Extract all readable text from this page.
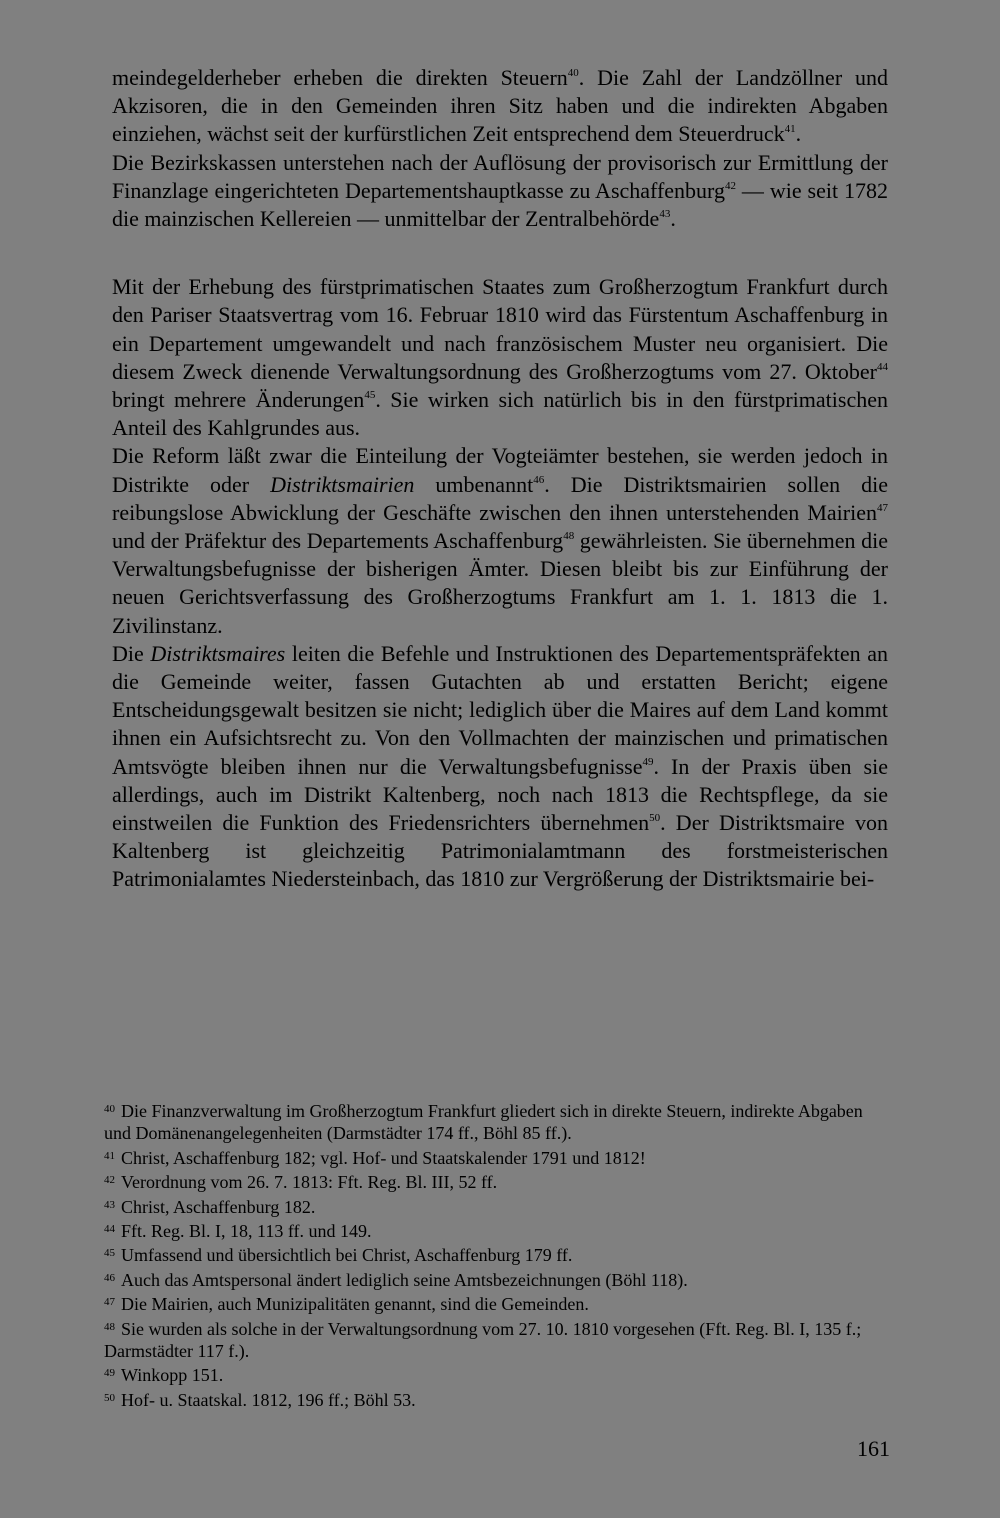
meindegelderheber erheben die direkten Steuern$^{40}$. Die Zahl der Landzöllner und Akzisoren, die in den Gemeinden ihren Sitz haben und die indirekten Abgaben einziehen, wächst seit der kurfürstlichen Zeit entsprechend dem Steuerdruck$^{41}$.

Die Bezirkskassen unterstehen nach der Auflösung der provisorisch zur Ermittlung der Finanzlage eingerichteten Departementshauptkasse zu Aschaffenburg$^{42}$ — wie seit 1782 die mainzischen Kellereien — unmittelbar der Zentralbehörde$^{43}$.

Mit der Erhebung des fürstprimatischen Staates zum Großherzogtum Frankfurt durch den Pariser Staatsvertrag vom 16. Februar 1810 wird das Fürstentum Aschaffenburg in ein Departement umgewandelt und nach französischem Muster neu organisiert. Die diesem Zweck dienende Verwaltungsordnung des Großherzogtums vom 27. Oktober$^{44}$ bringt mehrere Änderungen$^{45}$. Sie wirken sich natürlich bis in den fürstprimatischen Anteil des Kahlgrundes aus.

Die Reform läßt zwar die Einteilung der Vogteiämter bestehen, sie werden jedoch in Distrikte oder Distriktsmairien umbenannt$^{46}$. Die Distriktsmairien sollen die reibungslose Abwicklung der Geschäfte zwischen den ihnen unterstehenden Mairien$^{47}$ und der Präfektur des Departements Aschaffenburg$^{48}$ gewährleisten. Sie übernehmen die Verwaltungsbefugnisse der bisherigen Ämter. Diesen bleibt bis zur Einführung der neuen Gerichtsverfassung des Großherzogtums Frankfurt am 1. 1. 1813 die 1. Zivilinstanz.

Die Distriktsmaires leiten die Befehle und Instruktionen des Departementspräfekten an die Gemeinde weiter, fassen Gutachten ab und erstatten Bericht; eigene Entscheidungsgewalt besitzen sie nicht; lediglich über die Maires auf dem Land kommt ihnen ein Aufsichtsrecht zu. Von den Vollmachten der mainzischen und primatischen Amtsvögte bleiben ihnen nur die Verwaltungsbefugnisse$^{49}$. In der Praxis üben sie allerdings, auch im Distrikt Kaltenberg, noch nach 1813 die Rechtspflege, da sie einstweilen die Funktion des Friedensrichters übernehmen$^{50}$. Der Distriktsmaire von Kaltenberg ist gleichzeitig Patrimonialamtmann des forstmeisterischen Patrimonialamtes Niedersteinbach, das 1810 zur Vergrößerung der Distriktsmairie bei-

$^{40}$ Die Finanzverwaltung im Großherzogtum Frankfurt gliedert sich in direkte Steuern, indirekte Abgaben und Domänenangelegenheiten (Darmstädter 174 ff., Böhl 85 ff.).

$^{41}$ Christ, Aschaffenburg 182; vgl. Hof- und Staatskalender 1791 und 1812!

$^{42}$ Verordnung vom 26. 7. 1813: Fft. Reg. Bl. III, 52 ff.

$^{43}$ Christ, Aschaffenburg 182.

$^{44}$ Fft. Reg. Bl. I, 18, 113 ff. und 149.

$^{45}$ Umfassend und übersichtlich bei Christ, Aschaffenburg 179 ff.

$^{46}$ Auch das Amtspersonal ändert lediglich seine Amtsbezeichnungen (Böhl 118).

$^{47}$ Die Mairien, auch Munizipalitäten genannt, sind die Gemeinden.

$^{48}$ Sie wurden als solche in der Verwaltungsordnung vom 27. 10. 1810 vorgesehen (Fft. Reg. Bl. I, 135 f.; Darmstädter 117 f.).

$^{49}$ Winkopp 151.

$^{50}$ Hof- u. Staatskal. 1812, 196 ff.; Böhl 53.

161
